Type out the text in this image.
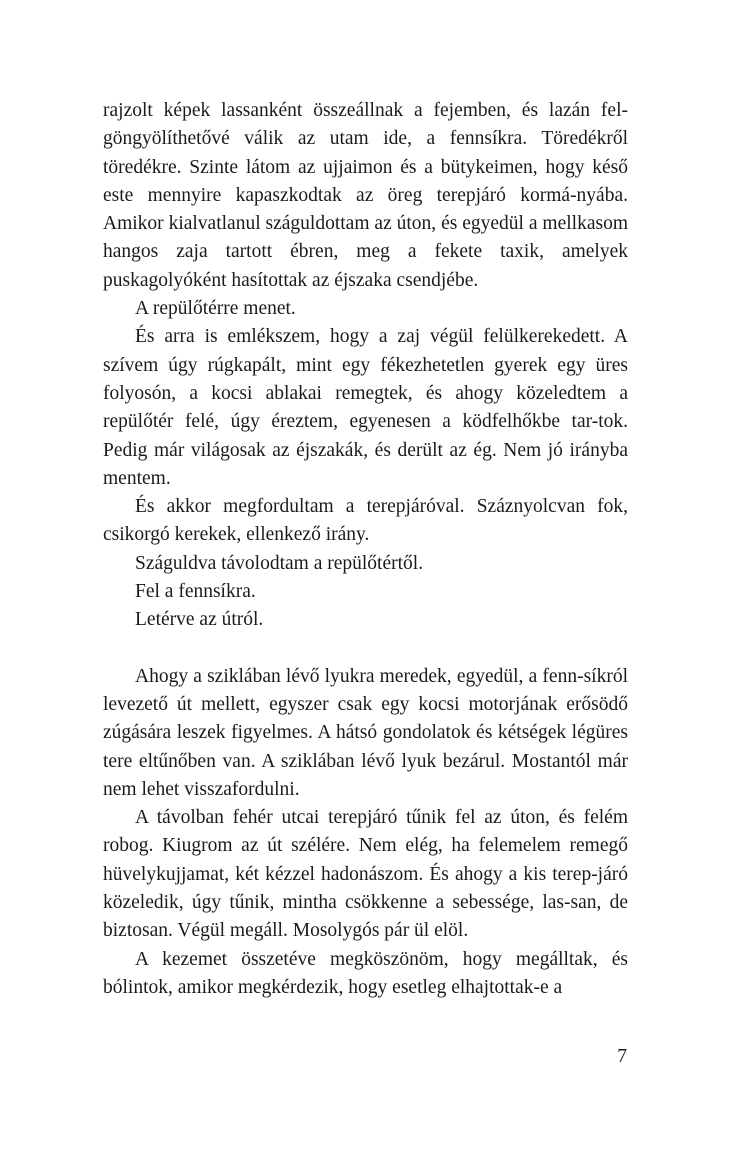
rajzolt képek lassanként összeállnak a fejemben, és lazán fel-göngyölíthetővé válik az utam ide, a fennsíkra. Töredékről töredékre. Szinte látom az ujjaimon és a bütykeimen, hogy késő este mennyire kapaszkodtak az öreg terepjáró kormá-nyába. Amikor kialvatlanul száguldottam az úton, és egyedül a mellkasom hangos zaja tartott ébren, meg a fekete taxik, amelyek puskagolyóként hasítottak az éjszaka csendjébe.

A repülőtérre menet.

És arra is emlékszem, hogy a zaj végül felülkerekedett. A szívem úgy rúgkapált, mint egy fékezhetetlen gyerek egy üres folyosón, a kocsi ablakai remegtek, és ahogy közeledtem a repülőtér felé, úgy éreztem, egyenesen a ködfelhőkbe tar-tok. Pedig már világosak az éjszakák, és derült az ég. Nem jó irányba mentem.

És akkor megfordultam a terepjáróval. Száznyolcvan fok, csikorgó kerekek, ellenkező irány.

Száguldva távolodtam a repülőtértől.

Fel a fennsíkra.

Letérve az útról.

Ahogy a sziklában lévő lyukra meredek, egyedül, a fenn-síkról levezető út mellett, egyszer csak egy kocsi motorjának erősödő zúgására leszek figyelmes. A hátsó gondolatok és kétségek légüres tere eltűnőben van. A sziklában lévő lyuk bezárul. Mostantól már nem lehet visszafordulni.

A távolban fehér utcai terepjáró tűnik fel az úton, és felém robog. Kiugrom az út szélére. Nem elég, ha felemelem remegő hüvelykujjamat, két kézzel hadonászom. És ahogy a kis terep-járó közeledik, úgy tűnik, mintha csökkenne a sebessége, las-san, de biztosan. Végül megáll. Mosolygós pár ül elöl.

A kezemet összetéve megköszönöm, hogy megálltak, és bólintok, amikor megkérdezik, hogy esetleg elhajtottak-e a

7
